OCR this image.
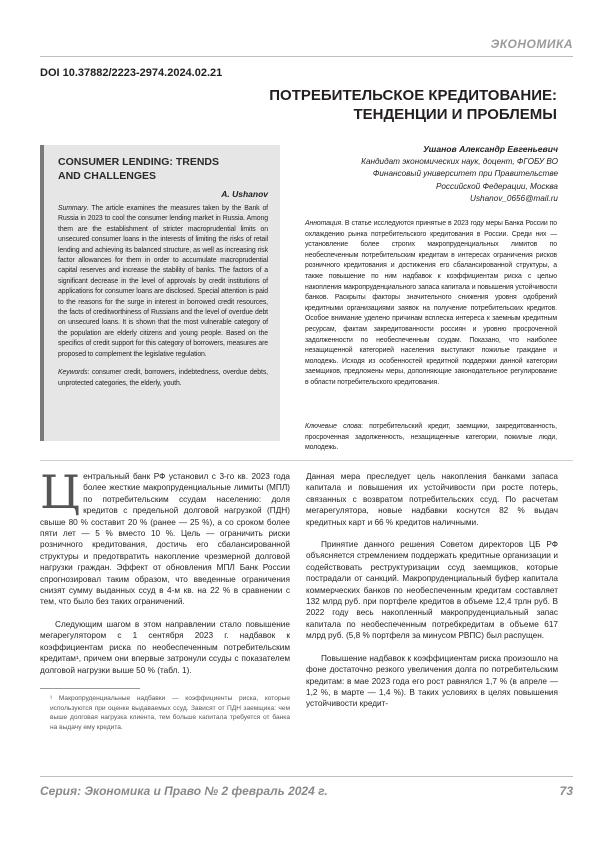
ЭКОНОМИКА
DOI 10.37882/2223-2974.2024.02.21
ПОТРЕБИТЕЛЬСКОЕ КРЕДИТОВАНИЕ:
ТЕНДЕНЦИИ И ПРОБЛЕМЫ
Ушанов Александр Евгеньевич
Кандидат экономических наук, доцент, ФГОБУ ВО
Финансовый университет при Правительстве
Российской Федерации, Москва
Ushanov_0656@mail.ru
CONSUMER LENDING: TRENDS
AND CHALLENGES
A. Ushanov
Summary. The article examines the measures taken by the Bank of Russia in 2023 to cool the consumer lending market in Russia. Among them are the establishment of stricter macroprudential limits on unsecured consumer loans in the interests of limiting the risks of retail lending and achieving its balanced structure, as well as increasing risk factor allowances for them in order to accumulate macroprudential capital reserves and increase the stability of banks. The factors of a significant decrease in the level of approvals by credit institutions of applications for consumer loans are disclosed. Special attention is paid to the reasons for the surge in interest in borrowed credit resources, the facts of creditworthiness of Russians and the level of overdue debt on unsecured loans. It is shown that the most vulnerable category of the population are elderly citizens and young people. Based on the specifics of credit support for this category of borrowers, measures are proposed to complement the legislative regulation.
Keywords: consumer credit, borrowers, indebtedness, overdue debts, unprotected categories, the elderly, youth.
Аннотация. В статье исследуются принятые в 2023 году меры Банка России по охлаждению рынка потребительского кредитования в России. Среди них — установление более строгих макропруденциальных лимитов по необеспеченным потребительским кредитам в интересах ограничения рисков розничного кредитования и достижения его сбалансированной структуры, а также повышение по ним надбавок к коэффициентам риска с целью накопления макропруденциального запаса капитала и повышения устойчивости банков. Раскрыты факторы значительного снижения уровня одобрений кредитными организациями заявок на получение потребительских кредитов. Особое внимание уделено причинам всплеска интереса к заемным кредитным ресурсам, фактам закредитованности россиян и уровню просроченной задолженности по необеспеченным ссудам. Показано, что наиболее незащищенной категорией населения выступают пожилые граждане и молодежь. Исходя из особенностей кредитной поддержки данной категории заемщиков, предложены меры, дополняющие законодательное регулирование в области потребительского кредитования.
Ключевые слова: потребительский кредит, заемщики, закредитованность, просроченная задолженность, незащищенные категории, пожилые люди, молодежь.

Центральный банк РФ установил с 3-го кв. 2023 года более жесткие макропруденциальные лимиты (МПЛ) по потребительским ссудам населению: доля кредитов с предельной долговой нагрузкой (ПДН) свыше 80 % составит 20 % (ранее — 25 %), а со сроком более пяти лет — 5 % вместо 10 %. Цель — ограничить риски розничного кредитования, достичь его сбалансированной структуры и предотвратить накопление чрезмерной долговой нагрузки граждан. Эффект от обновления МПЛ Банк России спрогнозировал таким образом, что введенные ограничения снизят сумму выданных ссуд в 4-м кв. на 22 % в сравнении с тем, что было без таких ограничений.

Следующим шагом в этом направлении стало повышение мегарегулятором с 1 сентября 2023 г. надбавок к коэффициентам риска по необеспеченным потребительским кредитам¹, причем они впервые затронули ссуды с показателем долговой нагрузки выше 50 % (табл. 1).

¹ Макропруденциальные надбавки — коэффициенты риска, которые используются при оценке выдаваемых ссуд. Зависят от ПДН заемщика: чем выше долговая нагрузка клиента, тем больше капитала требуется от банка на выдачу ему кредита.

Данная мера преследует цель накопления банками запаса капитала и повышения их устойчивости при росте потерь, связанных с возвратом потребительских ссуд. По расчетам мегарегулятора, новые надбавки коснутся 82 % выдач кредитных карт и 66 % кредитов наличными.

Принятие данного решения Советом директоров ЦБ РФ объясняется стремлением поддержать кредитные организации и содействовать реструктуризации ссуд заемщиков, которые пострадали от санкций. Макропруденциальный буфер капитала коммерческих банков по необеспеченным кредитам составляет 132 млрд руб. при портфеле кредитов в объеме 12,4 трлн руб. В 2022 году весь накопленный макропруденциальный запас капитала по необеспеченным потребкредитам в объеме 617 млрд руб. (5,8 % портфеля за минусом РВПС) был распущен.

Повышение надбавок к коэффициентам риска произошло на фоне достаточно резкого увеличения долга по потребительским кредитам: в мае 2023 года его рост равнялся 1,7 % (в апреле — 1,2 %, в марте — 1,4 %). В таких условиях в целях повышения устойчивости кредит-

Серия: Экономика и Право № 2 февраль 2024 г.	73
